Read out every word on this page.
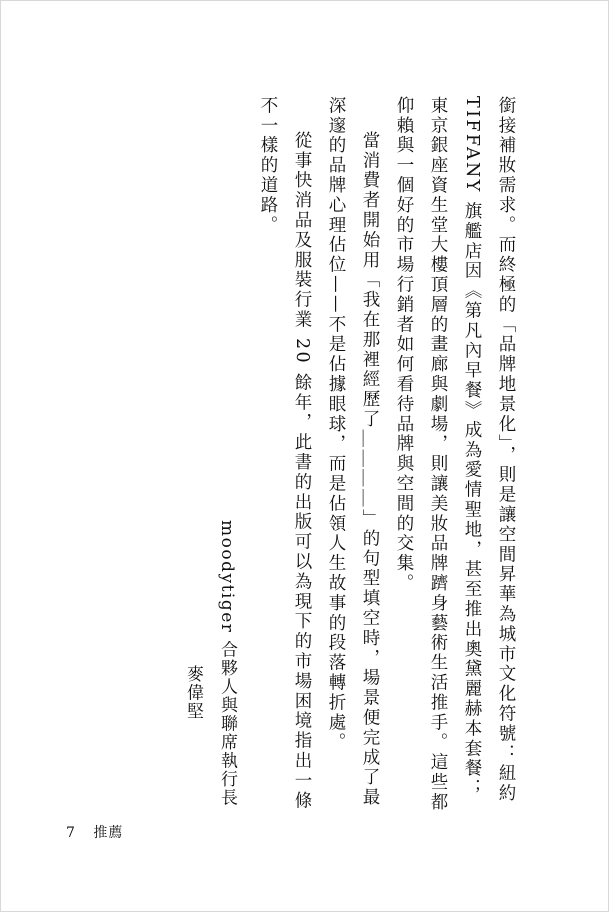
銜接補妝需求。而終極的「品牌地景化」，則是讓空間昇華為城市文化符號：紐約 TIFFANY 旗艦店因《第凡內早餐》成為愛情聖地，甚至推出奧黛麗赫本套餐；東京銀座資生堂大樓頂層的畫廊與劇場，則讓美妝品牌躋身藝術生活推手。這些都仰賴與一個好的市場行銷者如何看待品牌與空間的交集。

當消費者開始用「我在那裡經歷了＿＿＿＿」的句型填空時，場景便完成了最深邃的品牌心理佔位——不是佔據眼球，而是佔領人生故事的段落轉折處。

從事快消品及服裝行業 20 餘年，此書的出版可以為現下的市場困境指出一條不一樣的道路。

moodytiger 合夥人與聯席執行長
麥偉堅
7 推薦
